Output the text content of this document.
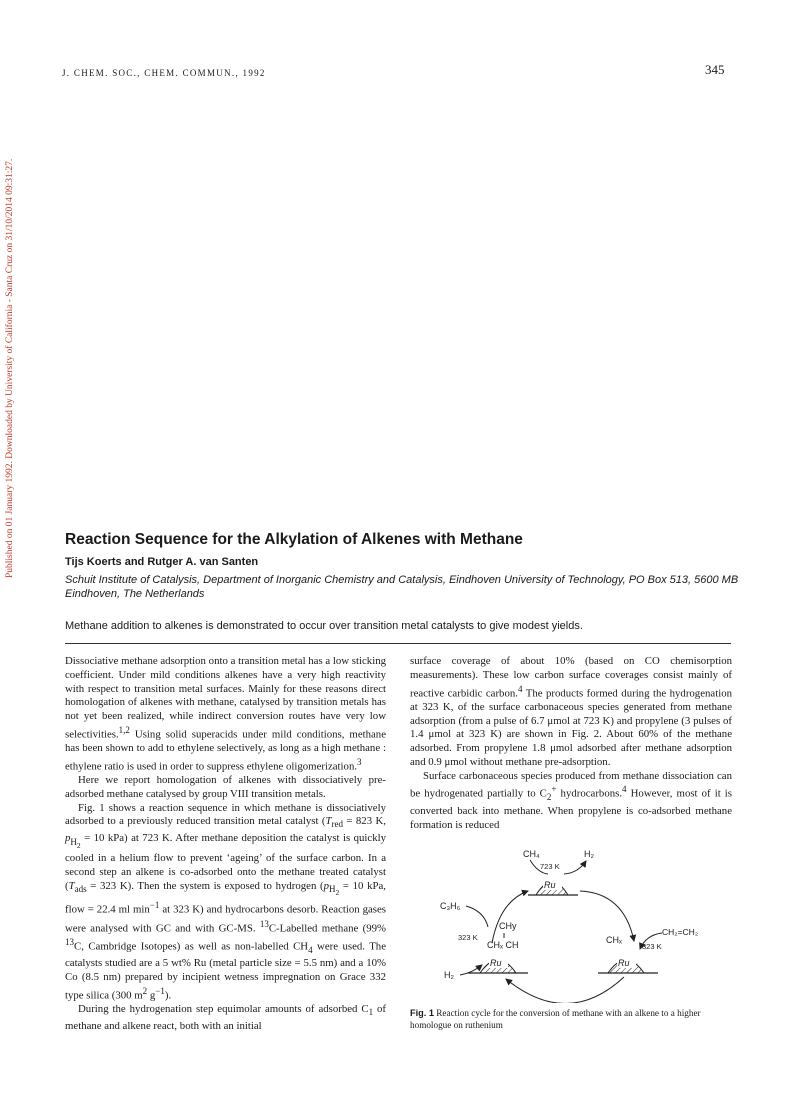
J. CHEM. SOC., CHEM. COMMUN., 1992	345
Published on 01 January 1992. Downloaded by University of California - Santa Cruz on 31/10/2014 09:31:27.	Reaction Sequence for the Alkylation of Alkenes with Methane
Tijs Koerts and Rutger A. van Santen
Schuit Institute of Catalysis, Department of Inorganic Chemistry and Catalysis, Eindhoven University of Technology, PO Box 513, 5600 MB Eindhoven, The Netherlands
Methane addition to alkenes is demonstrated to occur over transition metal catalysts to give modest yields.

Dissociative methane adsorption onto a transition metal has a low sticking coefficient. Under mild conditions alkenes have a very high reactivity with respect to transition metal surfaces. Mainly for these reasons direct homologation of alkenes with methane, catalysed by transition metals has not yet been realized, while indirect conversion routes have very low selectivities.$^{1,2}$ Using solid superacids under mild conditions, methane has been shown to add to ethylene selectively, as long as a high methane : ethylene ratio is used in order to suppress ethylene oligomerization.$^3$

Here we report homologation of alkenes with dissociatively pre-adsorbed methane catalysed by group VIII transition metals.

Fig. 1 shows a reaction sequence in which methane is dissociatively adsorbed to a previously reduced transition metal catalyst ($T_{red} = 823$ K, $p_{H_2} = 10$ kPa) at 723 K. After methane deposition the catalyst is quickly cooled in a helium flow to prevent ‘ageing’ of the surface carbon. In a second step an alkene is co-adsorbed onto the methane treated catalyst ($T_{ads} = 323$ K). Then the system is exposed to hydrogen ($p_{H_2} = 10$ kPa, flow = 22.4 ml $\min^{-1}$ at 323 K) and hydrocarbons desorb. Reaction gases were analysed with GC and with GC-MS. $^{13}$C-Labelled methane (99% $^{13}$C, Cambridge Isotopes) as well as non-labelled $CH_4$ were used. The catalysts studied are a 5 wt% Ru (metal particle size = 5.5 nm) and a 10% Co (8.5 nm) prepared by incipient wetness impregnation on Grace 332 type silica (300 $m^2$ $g^{-1}$).

During the hydrogenation step equimolar amounts of adsorbed $C_1$ of methane and alkene react, both with an initial

surface coverage of about 10% (based on CO chemisorption measurements). These low carbon surface coverages consist mainly of reactive carbidic carbon.$^4$ The products formed during the hydrogenation at 323 K, of the surface carbonaceous species generated from methane adsorption (from a pulse of 6.7 μmol at 723 K) and propylene (3 pulses of 1.4 μmol at 323 K) are shown in Fig. 2. About 60% of the methane adsorbed. From propylene 1.8 μmol adsorbed after methane adsorption and 0.9 μmol without methane pre-adsorption.

Surface carbonaceous species produced from methane dissociation can be hydrogenated partially to $C_2^+$ hydrocarbons.$^4$ However, most of it is converted back into methane. When propylene is co-adsorbed methane formation is reduced

Ru
Ru	Ru
CH₄	H₂
723 K
C₃H₆
323 K
CHy
CHₓ CH
H₂
CHₓ
CH₂=CH₂
323 K
Fig. 1 Reaction cycle for the conversion of methane with an alkene to a higher homologue on ruthenium
